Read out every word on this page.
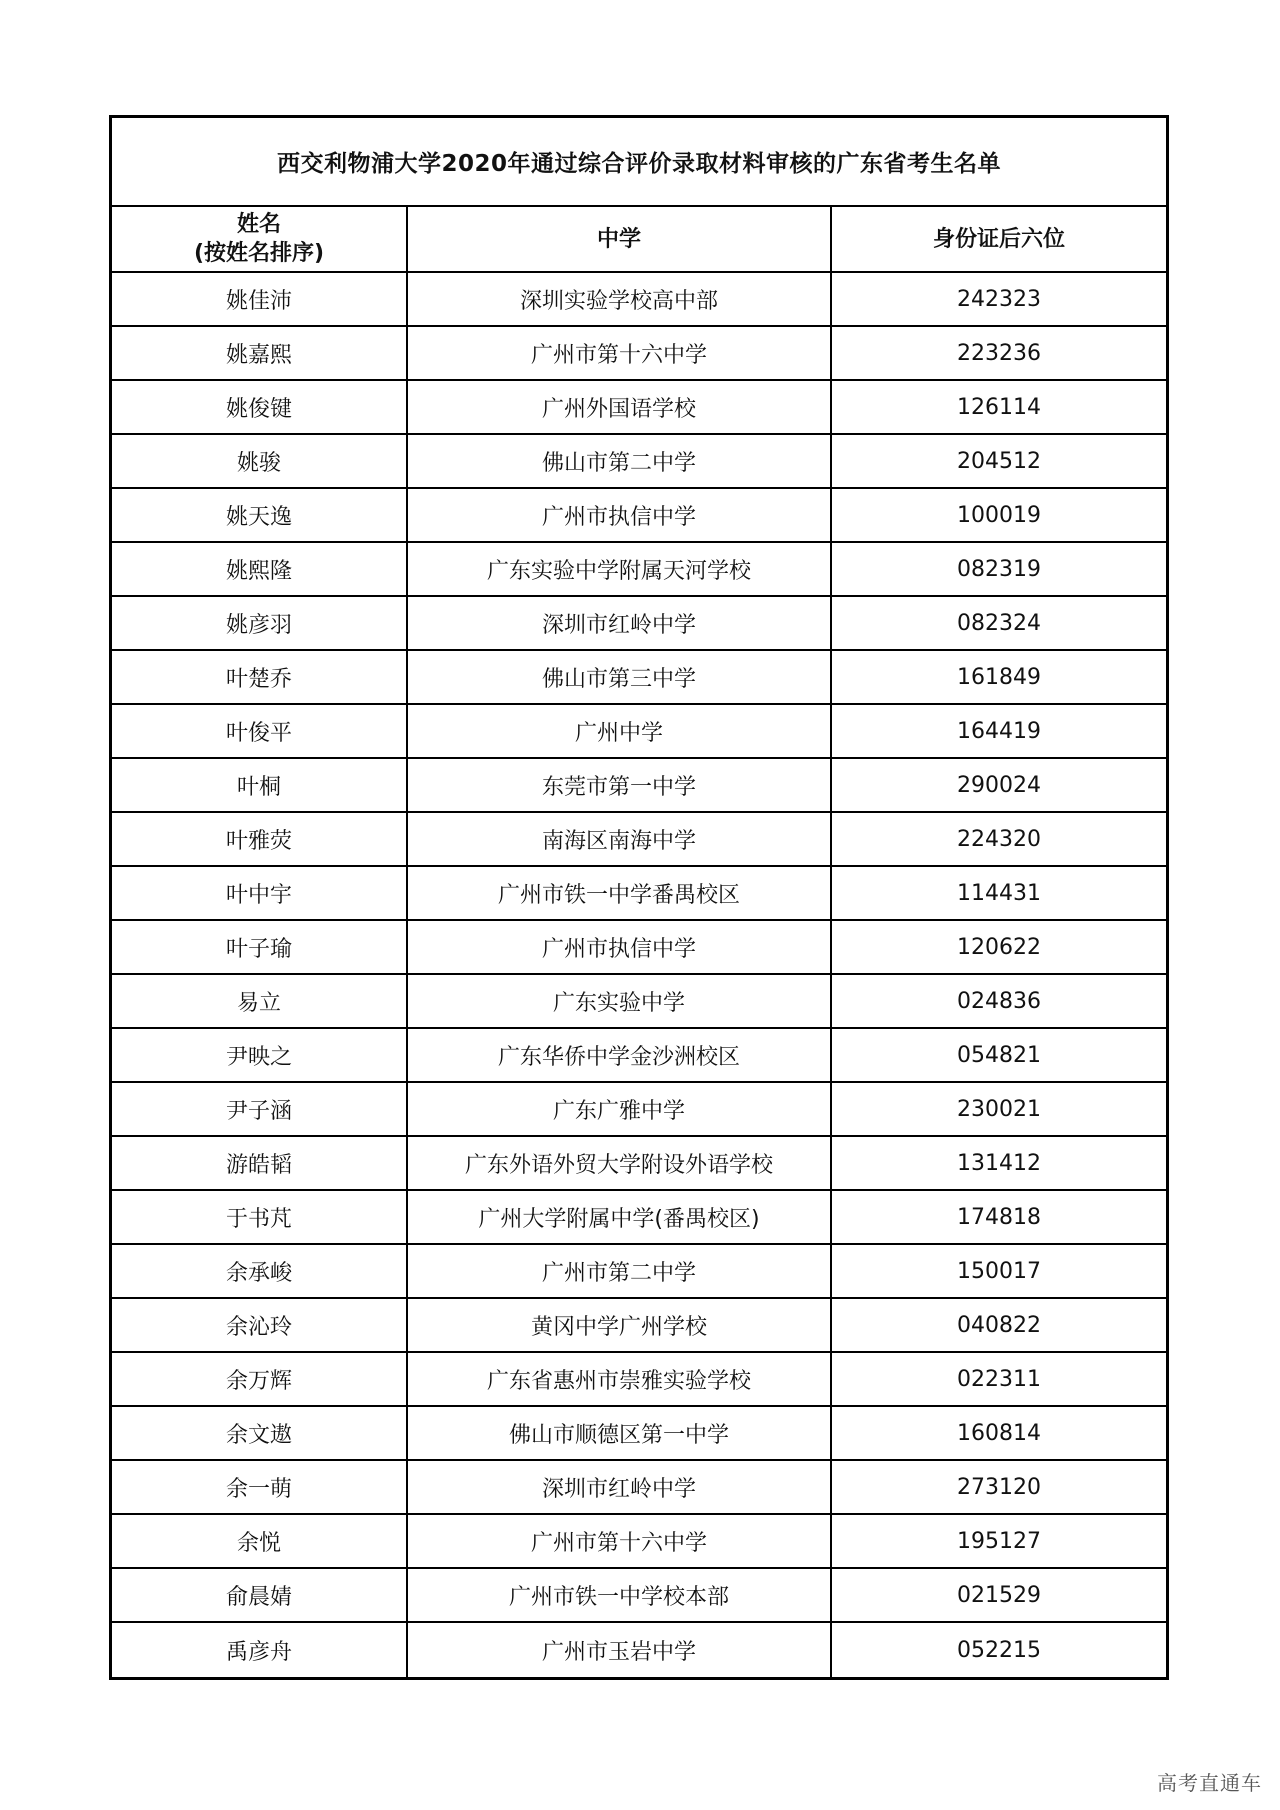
西交利物浦大学2020年通过综合评价录取材料审核的广东省考生名单
姓名
(按姓名排序)
中学	身份证后六位
姚佳沛	深圳实验学校高中部	242323
姚嘉熙	广州市第十六中学	223236
姚俊键	广州外国语学校	126114
姚骏	佛山市第二中学	204512
姚天逸	广州市执信中学	100019
姚熙隆	广东实验中学附属天河学校	082319
姚彦羽	深圳市红岭中学	082324
叶楚乔	佛山市第三中学	161849
叶俊平	广州中学	164419
叶桐	东莞市第一中学	290024
叶雅荧	南海区南海中学	224320
叶中宇	广州市铁一中学番禺校区	114431
叶子瑜	广州市执信中学	120622
易立	广东实验中学	024836
尹映之	广东华侨中学金沙洲校区	054821
尹子涵	广东广雅中学	230021
游皓韬	广东外语外贸大学附设外语学校	131412
于书芃	广州大学附属中学(番禺校区)	174818
余承峻	广州市第二中学	150017
余沁玲	黄冈中学广州学校	040822
余万辉	广东省惠州市崇雅实验学校	022311
余文遨	佛山市顺德区第一中学	160814
余一萌	深圳市红岭中学	273120
余悦	广州市第十六中学	195127
俞晨婧	广州市铁一中学校本部	021529
禹彦舟	广州市玉岩中学	052215
高考直通车
